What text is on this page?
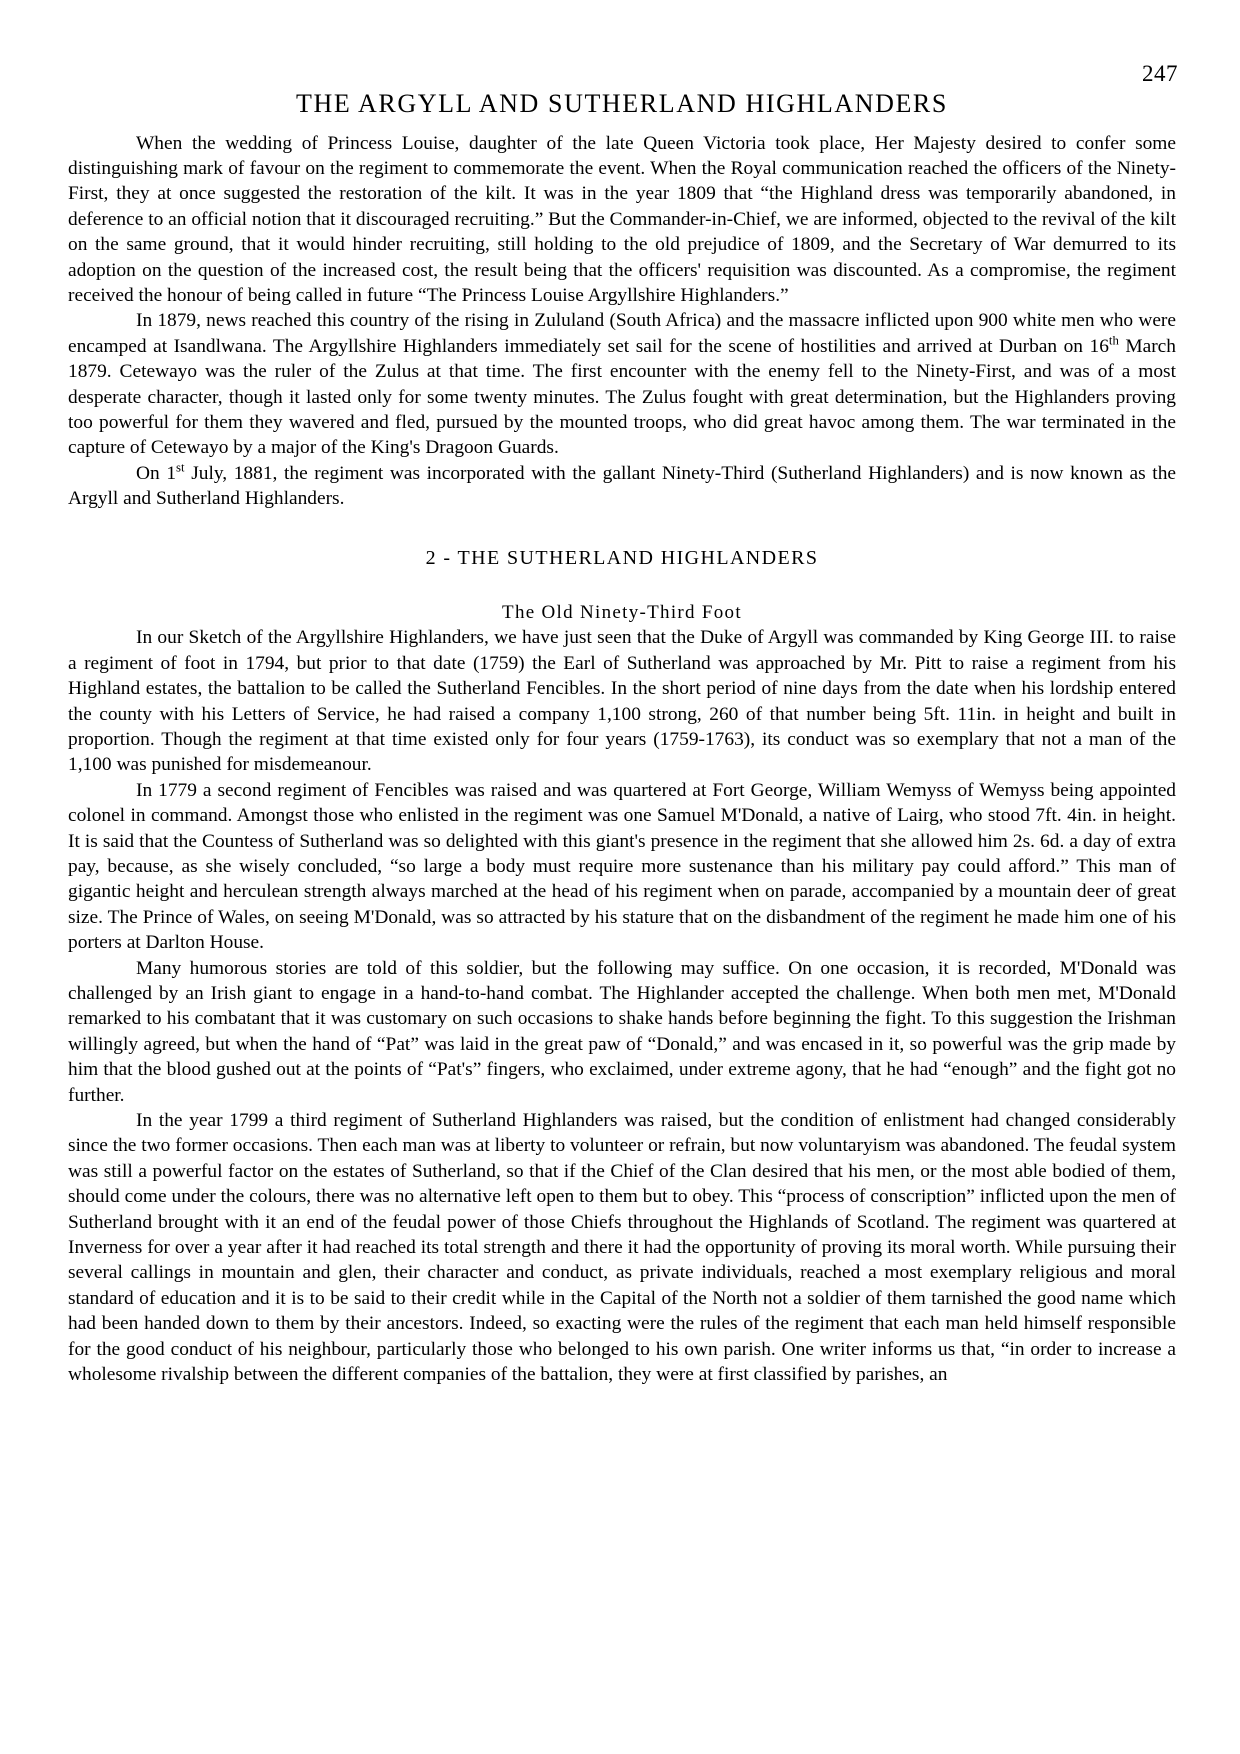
247
THE ARGYLL AND SUTHERLAND HIGHLANDERS

When the wedding of Princess Louise, daughter of the late Queen Victoria took place, Her Majesty desired to confer some distinguishing mark of favour on the regiment to commemorate the event. When the Royal communication reached the officers of the Ninety-First, they at once suggested the restoration of the kilt. It was in the year 1809 that “the Highland dress was temporarily abandoned, in deference to an official notion that it discouraged recruiting.” But the Commander-in-Chief, we are informed, objected to the revival of the kilt on the same ground, that it would hinder recruiting, still holding to the old prejudice of 1809, and the Secretary of War demurred to its adoption on the question of the increased cost, the result being that the officers' requisition was discounted. As a compromise, the regiment received the honour of being called in future “The Princess Louise Argyllshire Highlanders.”

In 1879, news reached this country of the rising in Zululand (South Africa) and the massacre inflicted upon 900 white men who were encamped at Isandlwana. The Argyllshire Highlanders immediately set sail for the scene of hostilities and arrived at Durban on 16th March 1879. Cetewayo was the ruler of the Zulus at that time. The first encounter with the enemy fell to the Ninety-First, and was of a most desperate character, though it lasted only for some twenty minutes. The Zulus fought with great determination, but the Highlanders proving too powerful for them they wavered and fled, pursued by the mounted troops, who did great havoc among them. The war terminated in the capture of Cetewayo by a major of the King's Dragoon Guards.

On 1st July, 1881, the regiment was incorporated with the gallant Ninety-Third (Sutherland Highlanders) and is now known as the Argyll and Sutherland Highlanders.

2 - THE SUTHERLAND HIGHLANDERS
The Old Ninety-Third Foot

In our Sketch of the Argyllshire Highlanders, we have just seen that the Duke of Argyll was commanded by King George III. to raise a regiment of foot in 1794, but prior to that date (1759) the Earl of Sutherland was approached by Mr. Pitt to raise a regiment from his Highland estates, the battalion to be called the Sutherland Fencibles. In the short period of nine days from the date when his lordship entered the county with his Letters of Service, he had raised a company 1,100 strong, 260 of that number being 5ft. 11in. in height and built in proportion. Though the regiment at that time existed only for four years (1759-1763), its conduct was so exemplary that not a man of the 1,100 was punished for misdemeanour.

In 1779 a second regiment of Fencibles was raised and was quartered at Fort George, William Wemyss of Wemyss being appointed colonel in command. Amongst those who enlisted in the regiment was one Samuel M'Donald, a native of Lairg, who stood 7ft. 4in. in height. It is said that the Countess of Sutherland was so delighted with this giant's presence in the regiment that she allowed him 2s. 6d. a day of extra pay, because, as she wisely concluded, “so large a body must require more sustenance than his military pay could afford.” This man of gigantic height and herculean strength always marched at the head of his regiment when on parade, accompanied by a mountain deer of great size. The Prince of Wales, on seeing M'Donald, was so attracted by his stature that on the disbandment of the regiment he made him one of his porters at Darlton House.

Many humorous stories are told of this soldier, but the following may suffice. On one occasion, it is recorded, M'Donald was challenged by an Irish giant to engage in a hand-to-hand combat. The Highlander accepted the challenge. When both men met, M'Donald remarked to his combatant that it was customary on such occasions to shake hands before beginning the fight. To this suggestion the Irishman willingly agreed, but when the hand of “Pat” was laid in the great paw of “Donald,” and was encased in it, so powerful was the grip made by him that the blood gushed out at the points of “Pat's” fingers, who exclaimed, under extreme agony, that he had “enough” and the fight got no further.

In the year 1799 a third regiment of Sutherland Highlanders was raised, but the condition of enlistment had changed considerably since the two former occasions. Then each man was at liberty to volunteer or refrain, but now voluntaryism was abandoned. The feudal system was still a powerful factor on the estates of Sutherland, so that if the Chief of the Clan desired that his men, or the most able bodied of them, should come under the colours, there was no alternative left open to them but to obey. This “process of conscription” inflicted upon the men of Sutherland brought with it an end of the feudal power of those Chiefs throughout the Highlands of Scotland. The regiment was quartered at Inverness for over a year after it had reached its total strength and there it had the opportunity of proving its moral worth. While pursuing their several callings in mountain and glen, their character and conduct, as private individuals, reached a most exemplary religious and moral standard of education and it is to be said to their credit while in the Capital of the North not a soldier of them tarnished the good name which had been handed down to them by their ancestors. Indeed, so exacting were the rules of the regiment that each man held himself responsible for the good conduct of his neighbour, particularly those who belonged to his own parish. One writer informs us that, “in order to increase a wholesome rivalship between the different companies of the battalion, they were at first classified by parishes, an
